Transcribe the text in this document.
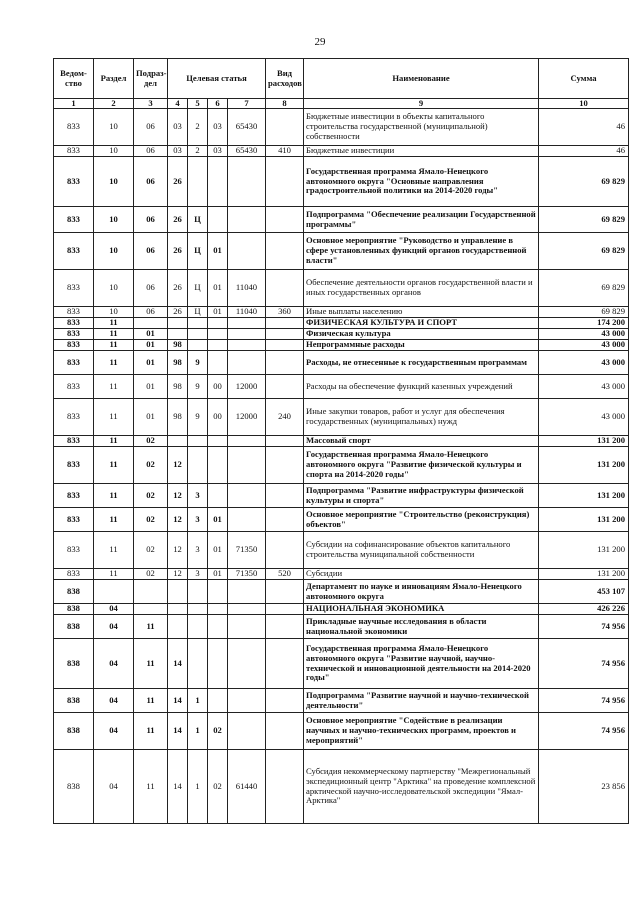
29
Ведом-ство	Раздел	Подраз-дел	Целевая статья				Вид расходов	Наименование	Сумма
1	2	3	4	5	6	7	8	9	10
833	10	06	03	2	03	65430		Бюджетные инвестиции в объекты капитального строительства государственной (муниципальной) собственности	46
833	10	06	03	2	03	65430	410	Бюджетные инвестиции	46
833	10	06	26					Государственная программа Ямало-Ненецкого автономного округа "Основные направления градостроительной политики на 2014-2020 годы"	69 829
833	10	06	26	Ц				Подпрограмма "Обеспечение реализации Государственной программы"	69 829
833	10	06	26	Ц	01			Основное мероприятие "Руководство и управление в сфере установленных функций органов государственной власти"	69 829
833	10	06	26	Ц	01	11040		Обеспечение деятельности органов государственной власти и иных государственных органов	69 829
833	10	06	26	Ц	01	11040	360	Иные выплаты населению	69 829
833	11							ФИЗИЧЕСКАЯ КУЛЬТУРА И СПОРТ	174 200
833	11	01						Физическая культура	43 000
833	11	01	98					Непрограммные расходы	43 000
833	11	01	98	9				Расходы, не отнесенные к государственным программам	43 000
833	11	01	98	9	00	12000		Расходы на обеспечение функций казенных учреждений	43 000
833	11	01	98	9	00	12000	240	Иные закупки товаров, работ и услуг для обеспечения государственных (муниципальных) нужд	43 000
833	11	02						Массовый спорт	131 200
833	11	02	12					Государственная программа Ямало-Ненецкого автономного округа "Развитие физической культуры и спорта на 2014-2020 годы"	131 200
833	11	02	12	3				Подпрограмма "Развитие инфраструктуры физической культуры и спорта"	131 200
833	11	02	12	3	01			Основное мероприятие "Строительство (реконструкция) объектов"	131 200
833	11	02	12	3	01	71350		Субсидии на софинансирование объектов капитального строительства муниципальной собственности	131 200
833	11	02	12	3	01	71350	520	Субсидии	131 200
838								Департамент по науке и инновациям Ямало-Ненецкого автономного округа	453 107
838	04							НАЦИОНАЛЬНАЯ ЭКОНОМИКА	426 226
838	04	11						Прикладные научные исследования в области национальной экономики	74 956
838	04	11	14					Государственная программа Ямало-Ненецкого автономного округа "Развитие научной, научно-технической и инновационной деятельности на 2014-2020 годы"	74 956
838	04	11	14	1				Подпрограмма "Развитие научной и научно-технической деятельности"	74 956
838	04	11	14	1	02			Основное мероприятие "Содействие в реализации научных и научно-технических программ, проектов и мероприятий"	74 956
838	04	11	14	1	02	61440		Субсидия некоммерческому партнерству "Межрегиональный экспедиционный центр "Арктика" на проведение комплексной арктической научно-исследовательской экспедиции "Ямал-Арктика"	23 856
